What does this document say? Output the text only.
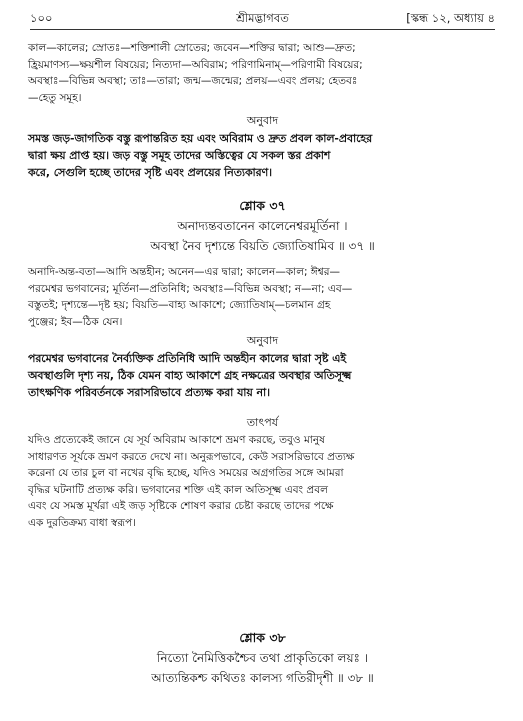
১০০	শ্রীমদ্ভাগবত	[স্কন্ধ ১২, অধ্যায় ৪

কাল—কালের; স্রোতঃ—শক্তিশালী স্রোতের; জবেন—শক্তির দ্বারা; আশু—দ্রুত;

হ্রিয়মাণস্য—ক্ষয়শীল বিষয়ের; নিত্যদা—অবিরাম; পরিণামিনাম্—পরিণামী বিষয়ের;

অবস্থাঃ—বিভিন্ন অবস্থা; তাঃ—তারা; জন্ম—জন্মের; প্রলয়—এবং প্রলয়; হেতবঃ

—হেতু সমূহ।

অনুবাদ

সমস্ত জড়-জাগতিক বস্তু রূপান্তরিত হয় এবং অবিরাম ও দ্রুত প্রবল কাল-প্রবাহের

দ্বারা ক্ষয় প্রাপ্ত হয়। জড় বস্তু সমূহ তাদের অস্তিত্বের যে সকল স্তর প্রকাশ

করে, সেগুলি হচ্ছে তাদের সৃষ্টি এবং প্রলয়ের নিত্যকারণ।

শ্লোক ৩৭

অনাদ্যন্তবতানেন কালেনেশ্বরমূর্তিনা ।

অবস্থা নৈব দৃশ্যন্তে বিয়তি জ্যোতিষামিব ॥ ৩৭ ॥

অনাদি-অন্ত-বতা—আদি অন্তহীন; অনেন—এর দ্বারা; কালেন—কাল; ঈশ্বর—

পরমেশ্বর ভগবানের; মূর্তিনা—প্রতিনিধি; অবস্থাঃ—বিভিন্ন অবস্থা; ন—না; এব—

বস্তুতই; দৃশ্যন্তে—দৃষ্ট হয়; বিয়তি—বাহ্য আকাশে; জ্যোতিষাম্—চলমান গ্রহ

পুঞ্জের; ইব—ঠিক যেন।

অনুবাদ

পরমেশ্বর ভগবানের নৈর্ব্যক্তিক প্রতিনিধি আদি অন্তহীন কালের দ্বারা সৃষ্ট এই

অবস্থাগুলি দৃশ্য নয়, ঠিক যেমন বাহ্য আকাশে গ্রহ নক্ষত্রের অবস্থার অতিসূক্ষ্ম

তাৎক্ষণিক পরিবর্তনকে সরাসরিভাবে প্রত্যক্ষ করা যায় না।

তাৎপর্য

যদিও প্রত্যেকেই জানে যে সূর্য অবিরাম আকাশে ভ্রমণ করছে, তবুও মানুষ

সাধারণত সূর্যকে ভ্রমণ করতে দেখে না। অনুরূপভাবে, কেউ সরাসরিভাবে প্রত্যক্ষ

করেনা যে তার চুল বা নখের বৃদ্ধি হচ্ছে, যদিও সময়ের অগ্রগতির সঙ্গে আমরা

বৃদ্ধির ঘটনাটি প্রত্যক্ষ করি। ভগবানের শক্তি এই কাল অতিসূক্ষ্ম এবং প্রবল

এবং যে সমস্ত মূর্খরা এই জড় সৃষ্টিকে শোষণ করার চেষ্টা করছে তাদের পক্ষে

এক দুরতিক্রম্য বাধা স্বরূপ।

শ্লোক ৩৮

নিত্যো নৈমিত্তিকশ্চৈব তথা প্রাকৃতিকো লয়ঃ ।

আত্যন্তিকশ্চ কথিতঃ কালস্য গতিরীদৃশী ॥ ৩৮ ॥
